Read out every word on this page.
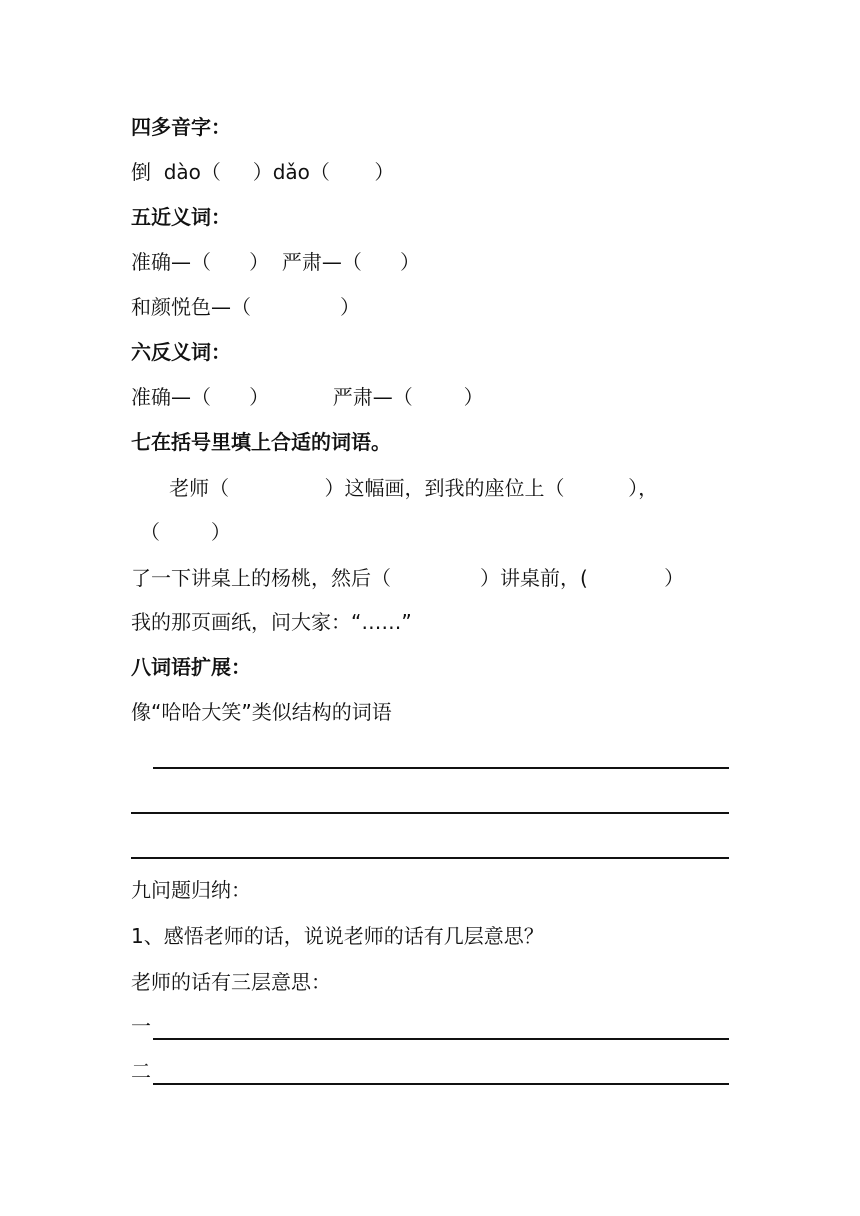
四多音字：
倒  dào（     ）dǎo（       ）
五近义词：
准确—（      ）  严肃—（      ）
和颜悦色—（              ）
六反义词：
准确—（      ）          严肃—（        ）
七在括号里填上合适的词语。
老师（               ）这幅画，到我的座位上（          ），
（        ）
了一下讲桌上的杨桃，然后（              ）讲桌前，(            ）
我的那页画纸，问大家：“……”
八词语扩展：
像“哈哈大笑”类似结构的词语
九问题归纳：
1、感悟老师的话，说说老师的话有几层意思？
老师的话有三层意思：
一
二
